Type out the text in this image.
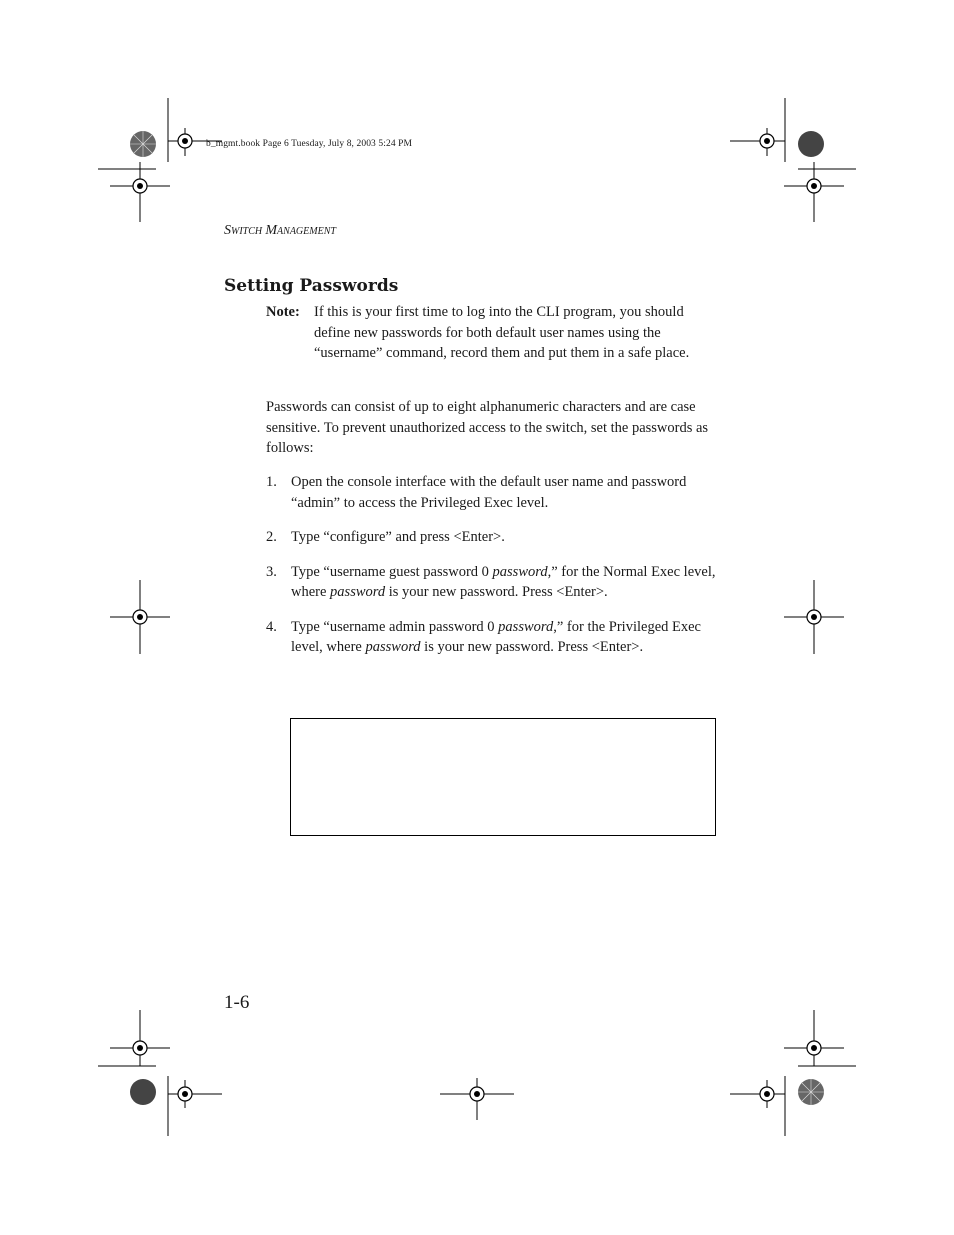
b_mgmt.book Page 6 Tuesday, July 8, 2003 5:24 PM
SWITCH MANAGEMENT
Setting Passwords
Note: If this is your first time to log into the CLI program, you should define new passwords for both default user names using the “username” command, record them and put them in a safe place.
Passwords can consist of up to eight alphanumeric characters and are case sensitive. To prevent unauthorized access to the switch, set the passwords as follows:
1. Open the console interface with the default user name and password “admin” to access the Privileged Exec level.
2. Type “configure” and press <Enter>.
3. Type “username guest password 0 password,” for the Normal Exec level, where password is your new password. Press <Enter>.
4. Type “username admin password 0 password,” for the Privileged Exec level, where password is your new password. Press <Enter>.
1-6
